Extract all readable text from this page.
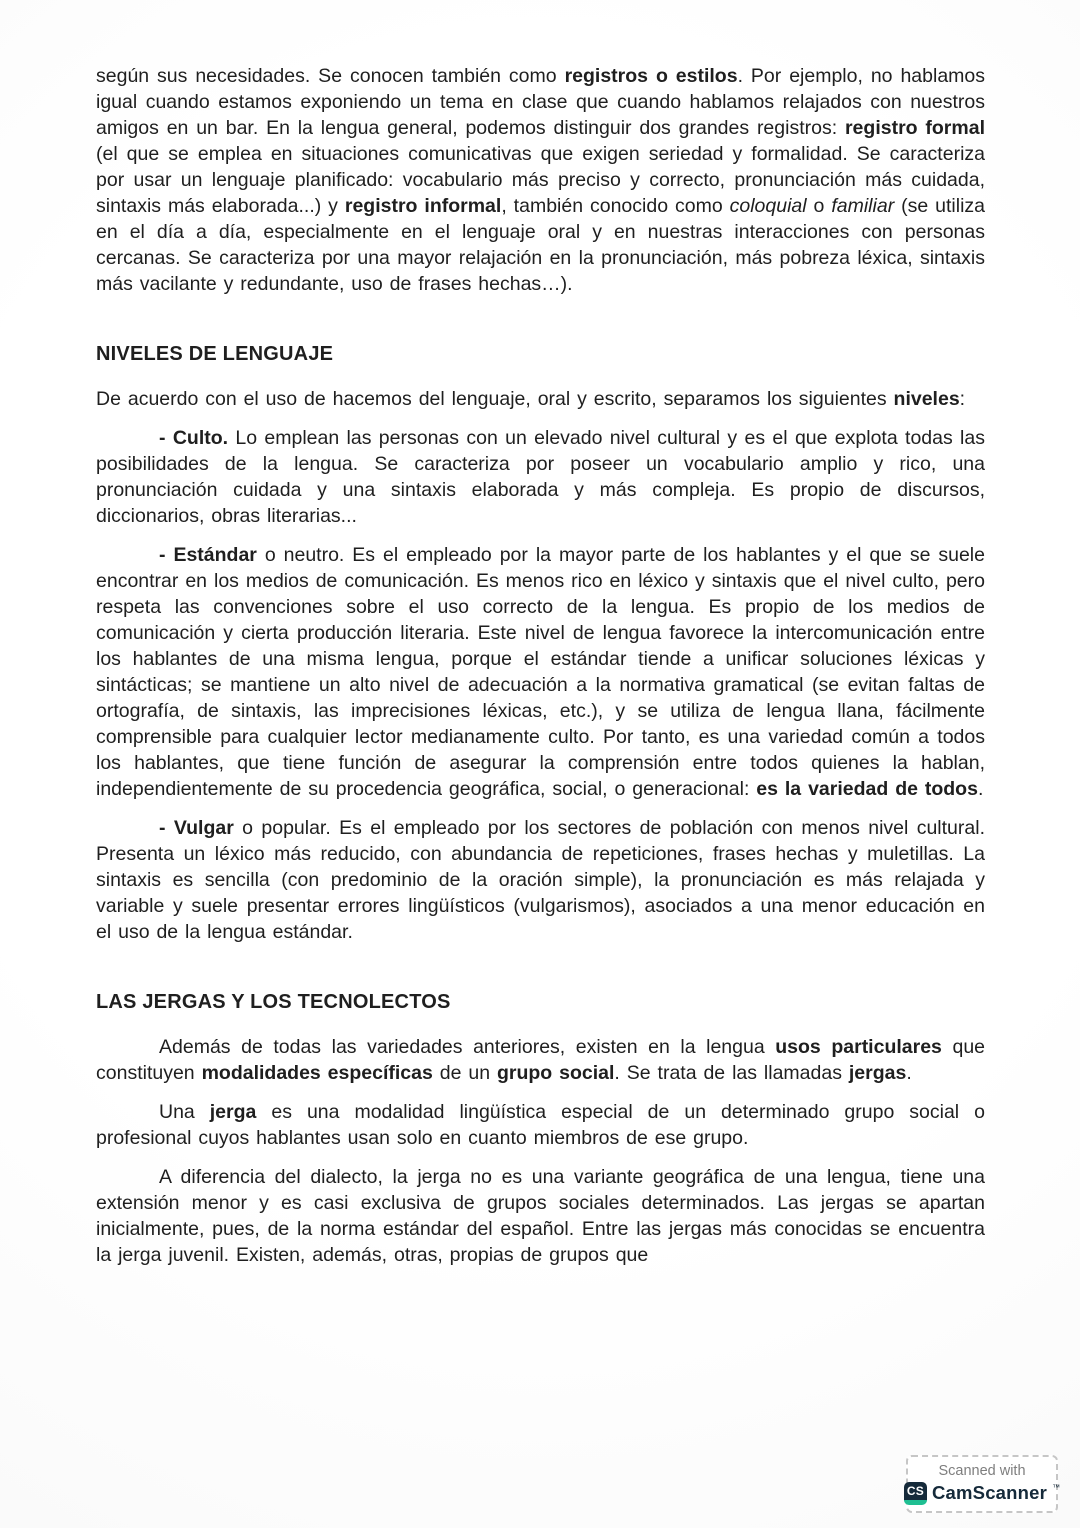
según sus necesidades. Se conocen también como registros o estilos. Por ejemplo, no hablamos igual cuando estamos exponiendo un tema en clase que cuando hablamos relajados con nuestros amigos en un bar. En la lengua general, podemos distinguir dos grandes registros: registro formal (el que se emplea en situaciones comunicativas que exigen seriedad y formalidad. Se caracteriza por usar un lenguaje planificado: vocabulario más preciso y correcto, pronunciación más cuidada, sintaxis más elaborada...) y registro informal, también conocido como coloquial o familiar (se utiliza en el día a día, especialmente en el lenguaje oral y en nuestras interacciones con personas cercanas. Se caracteriza por una mayor relajación en la pronunciación, más pobreza léxica, sintaxis más vacilante y redundante, uso de frases hechas…).

NIVELES DE LENGUAJE

De acuerdo con el uso de hacemos del lenguaje, oral y escrito, separamos los siguientes niveles:

- Culto. Lo emplean las personas con un elevado nivel cultural y es el que explota todas las posibilidades de la lengua. Se caracteriza por poseer un vocabulario amplio y rico, una pronunciación cuidada y una sintaxis elaborada y más compleja. Es propio de discursos, diccionarios, obras literarias...

- Estándar o neutro. Es el empleado por la mayor parte de los hablantes y el que se suele encontrar en los medios de comunicación. Es menos rico en léxico y sintaxis que el nivel culto, pero respeta las convenciones sobre el uso correcto de la lengua. Es propio de los medios de comunicación y cierta producción literaria. Este nivel de lengua favorece la intercomunicación entre los hablantes de una misma lengua, porque el estándar tiende a unificar soluciones léxicas y sintácticas; se mantiene un alto nivel de adecuación a la normativa gramatical (se evitan faltas de ortografía, de sintaxis, las imprecisiones léxicas, etc.), y se utiliza de lengua llana, fácilmente comprensible para cualquier lector medianamente culto. Por tanto, es una variedad común a todos los hablantes, que tiene función de asegurar la comprensión entre todos quienes la hablan, independientemente de su procedencia geográfica, social, o generacional: es la variedad de todos.

- Vulgar o popular. Es el empleado por los sectores de población con menos nivel cultural. Presenta un léxico más reducido, con abundancia de repeticiones, frases hechas y muletillas. La sintaxis es sencilla (con predominio de la oración simple), la pronunciación es más relajada y variable y suele presentar errores lingüísticos (vulgarismos), asociados a una menor educación en el uso de la lengua estándar.

LAS JERGAS Y LOS TECNOLECTOS

Además de todas las variedades anteriores, existen en la lengua usos particulares que constituyen modalidades específicas de un grupo social. Se trata de las llamadas jergas.

Una jerga es una modalidad lingüística especial de un determinado grupo social o profesional cuyos hablantes usan solo en cuanto miembros de ese grupo.

A diferencia del dialecto, la jerga no es una variante geográfica de una lengua, tiene una extensión menor y es casi exclusiva de grupos sociales determinados. Las jergas se apartan inicialmente, pues, de la norma estándar del español. Entre las jergas más conocidas se encuentra la jerga juvenil. Existen, además, otras, propias de grupos que

Scanned with
CS CamScanner ™
